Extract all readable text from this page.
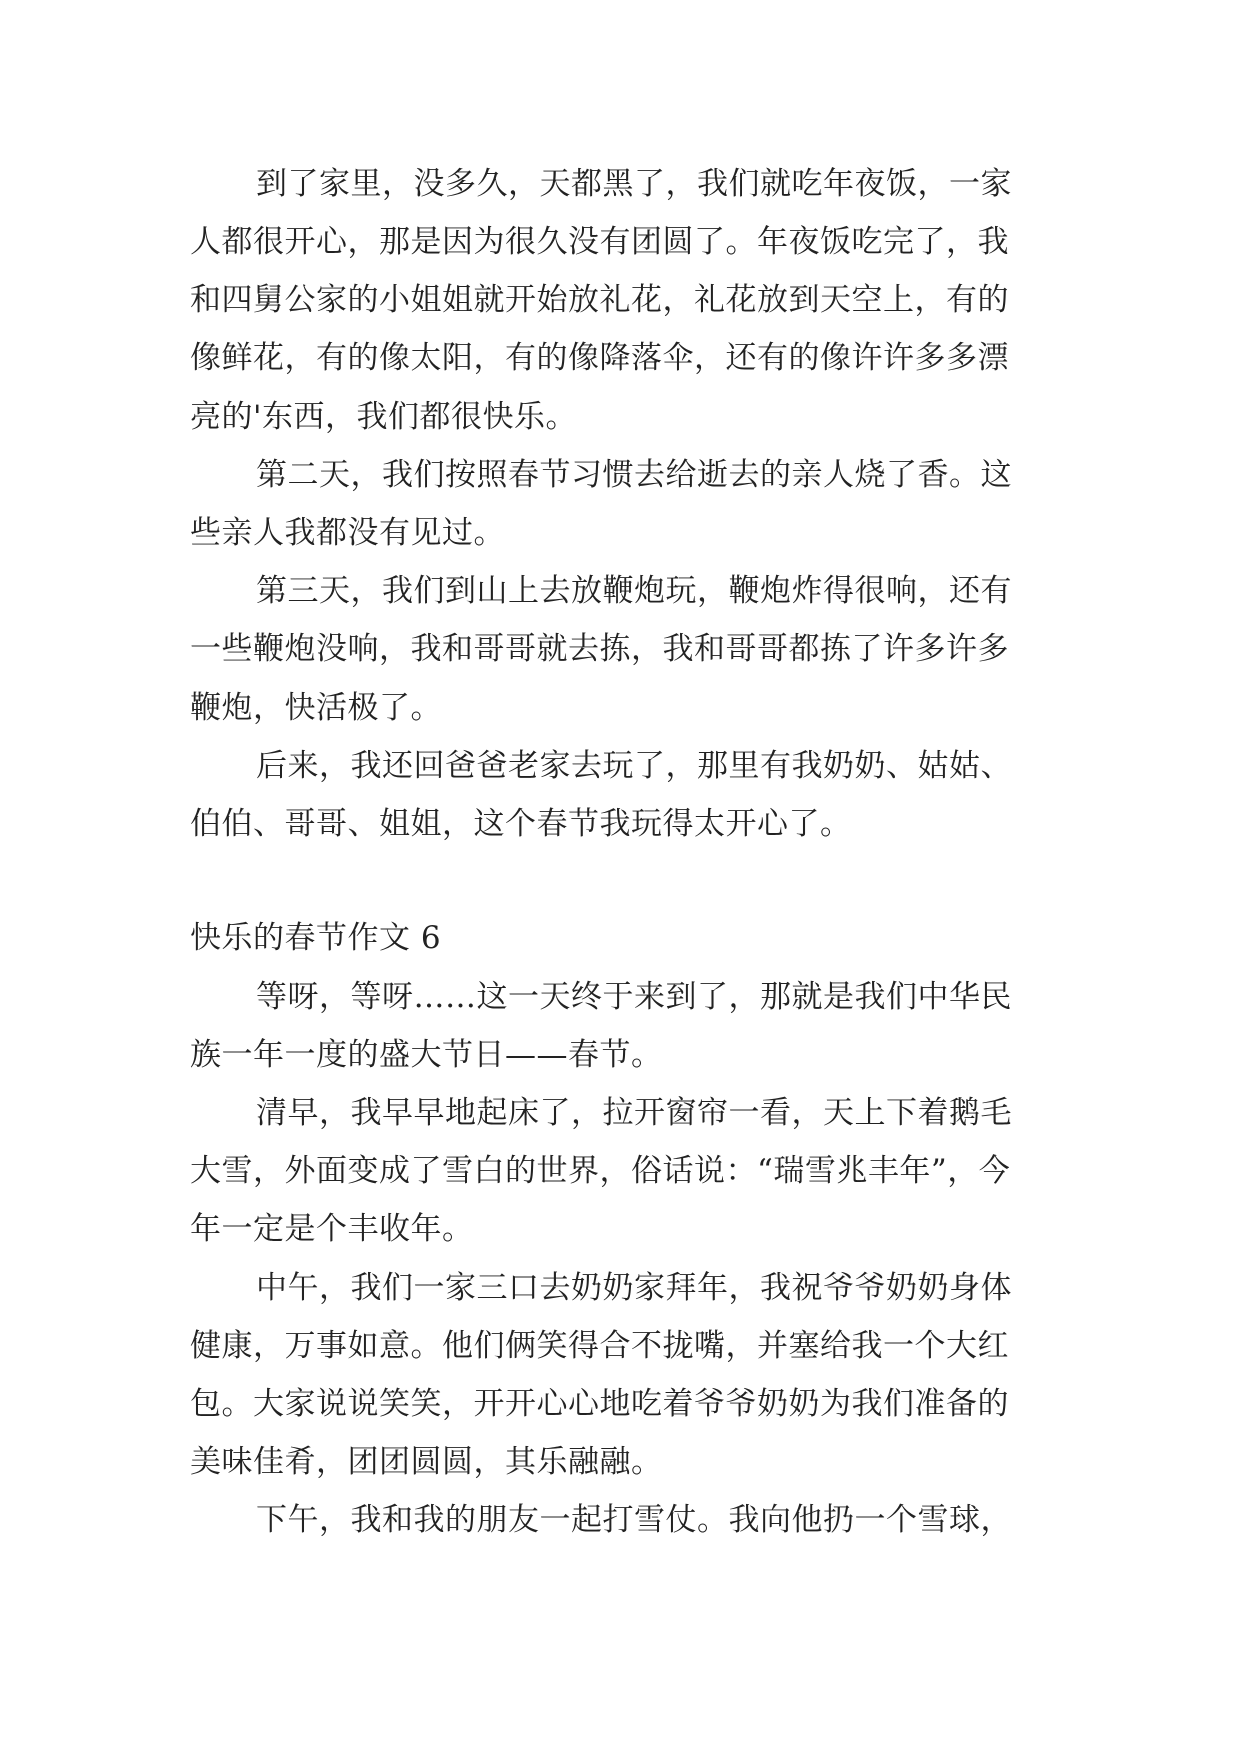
到了家里，没多久，天都黑了，我们就吃年夜饭，一家
人都很开心，那是因为很久没有团圆了。年夜饭吃完了，我
和四舅公家的小姐姐就开始放礼花，礼花放到天空上，有的
像鲜花，有的像太阳，有的像降落伞，还有的像许许多多漂
亮的'东西，我们都很快乐。
第二天，我们按照春节习惯去给逝去的亲人烧了香。这
些亲人我都没有见过。
第三天，我们到山上去放鞭炮玩，鞭炮炸得很响，还有
一些鞭炮没响，我和哥哥就去拣，我和哥哥都拣了许多许多
鞭炮，快活极了。
后来，我还回爸爸老家去玩了，那里有我奶奶、姑姑、
伯伯、哥哥、姐姐，这个春节我玩得太开心了。
快乐的春节作文 6
等呀，等呀……这一天终于来到了，那就是我们中华民
族一年一度的盛大节日——春节。
清早，我早早地起床了，拉开窗帘一看，天上下着鹅毛
大雪，外面变成了雪白的世界，俗话说：“瑞雪兆丰年”，今
年一定是个丰收年。
中午，我们一家三口去奶奶家拜年，我祝爷爷奶奶身体
健康，万事如意。他们俩笑得合不拢嘴，并塞给我一个大红
包。大家说说笑笑，开开心心地吃着爷爷奶奶为我们准备的
美味佳肴，团团圆圆，其乐融融。
下午，我和我的朋友一起打雪仗。我向他扔一个雪球，
